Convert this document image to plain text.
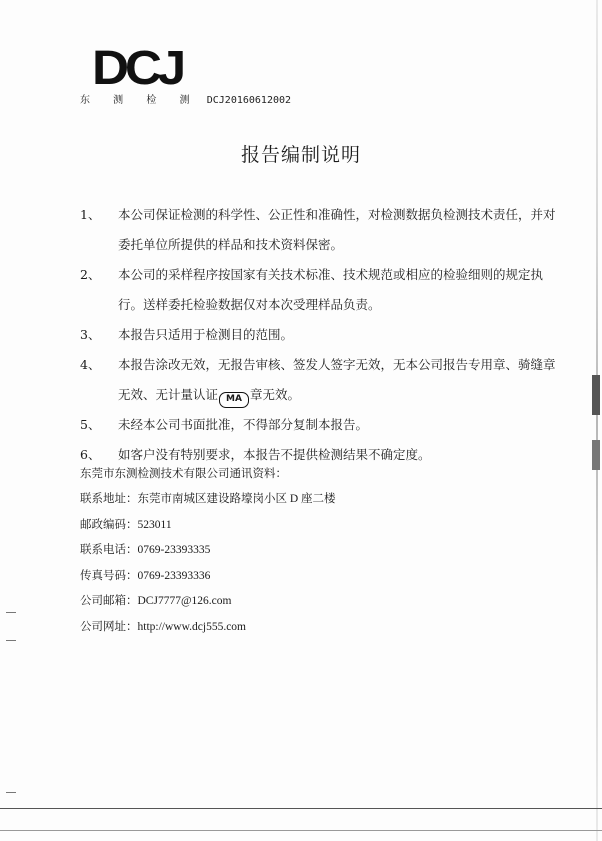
DCJ
东 测 检 测 DCJ20160612002
报告编制说明
1、	本公司保证检测的科学性、公正性和准确性，对检测数据负检测技术责任，并对委托单位所提供的样品和技术资料保密。
2、	本公司的采样程序按国家有关技术标准、技术规范或相应的检验细则的规定执行。送样委托检验数据仅对本次受理样品负责。
3、	本报告只适用于检测目的范围。
4、	本报告涂改无效，无报告审核、签发人签字无效，无本公司报告专用章、骑缝章无效、无计量认证 MA 章无效。
5、	未经本公司书面批准，不得部分复制本报告。
6、	如客户没有特别要求，本报告不提供检测结果不确定度。
东莞市东测检测技术有限公司通讯资料：
联系地址：东莞市南城区建设路壕岗小区 D 座二楼
邮政编码：523011
联系电话：0769-23393335
传真号码：0769-23393336
公司邮箱：DCJ7777@126.com
公司网址：http://www.dcj555.com
